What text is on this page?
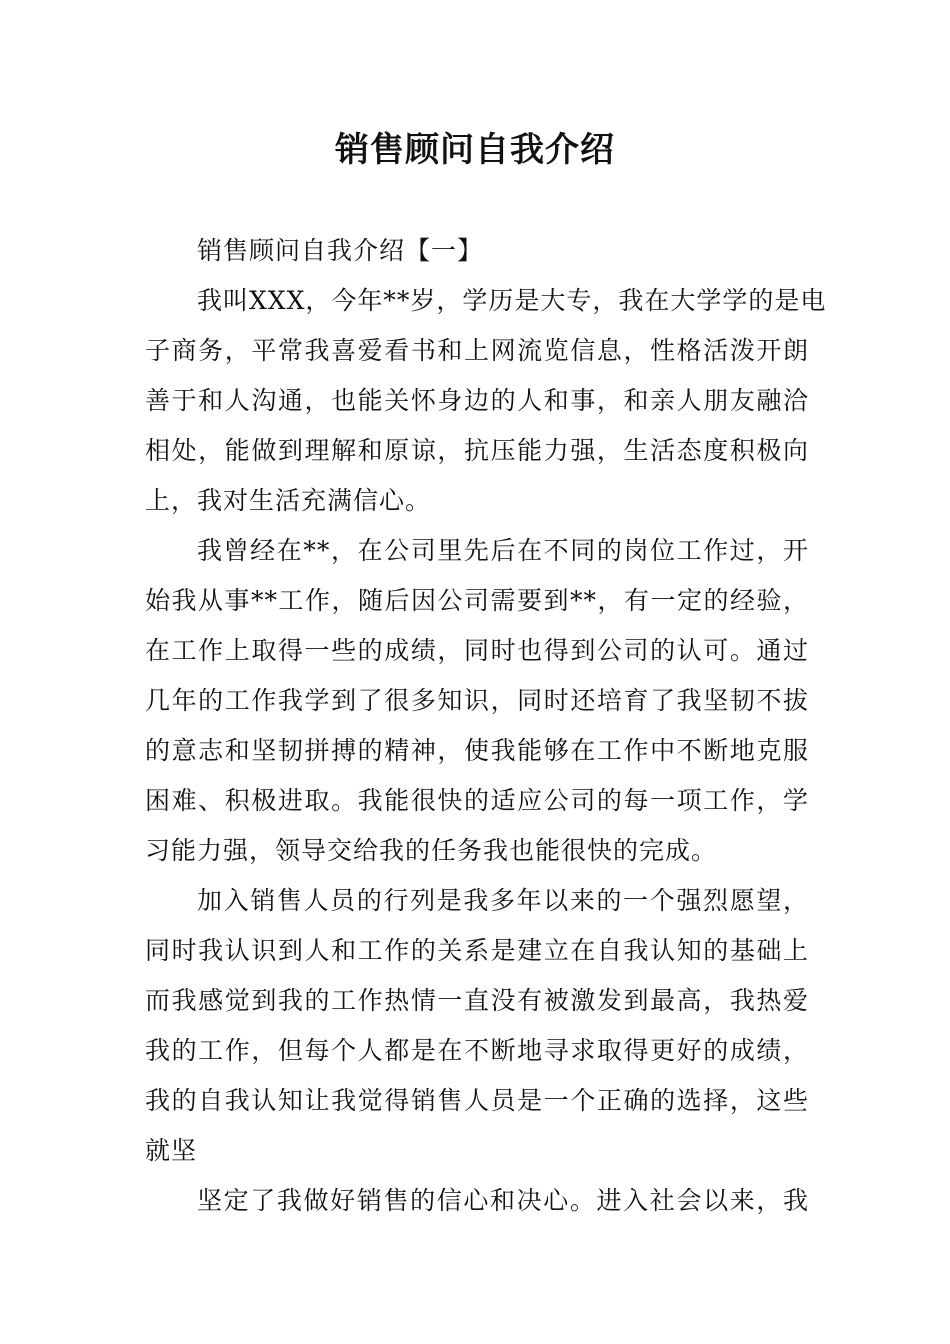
销售顾问自我介绍

销售顾问自我介绍【一】

我叫XXX，今年**岁，学历是大专，我在大学学的是电
子商务，平常我喜爱看书和上网流览信息，性格活泼开朗
善于和人沟通，也能关怀身边的人和事，和亲人朋友融洽
相处，能做到理解和原谅，抗压能力强，生活态度积极向
上，我对生活充满信心。

我曾经在**，在公司里先后在不同的岗位工作过，开
始我从事**工作，随后因公司需要到**，有一定的经验，
在工作上取得一些的成绩，同时也得到公司的认可。通过
几年的工作我学到了很多知识，同时还培育了我坚韧不拔
的意志和坚韧拼搏的精神，使我能够在工作中不断地克服
困难、积极进取。我能很快的适应公司的每一项工作，学
习能力强，领导交给我的任务我也能很快的完成。

加入销售人员的行列是我多年以来的一个强烈愿望，
同时我认识到人和工作的关系是建立在自我认知的基础上
而我感觉到我的工作热情一直没有被激发到最高，我热爱
我的工作，但每个人都是在不断地寻求取得更好的成绩，
我的自我认知让我觉得销售人员是一个正确的选择，这些
就坚

坚定了我做好销售的信心和决心。进入社会以来，我
